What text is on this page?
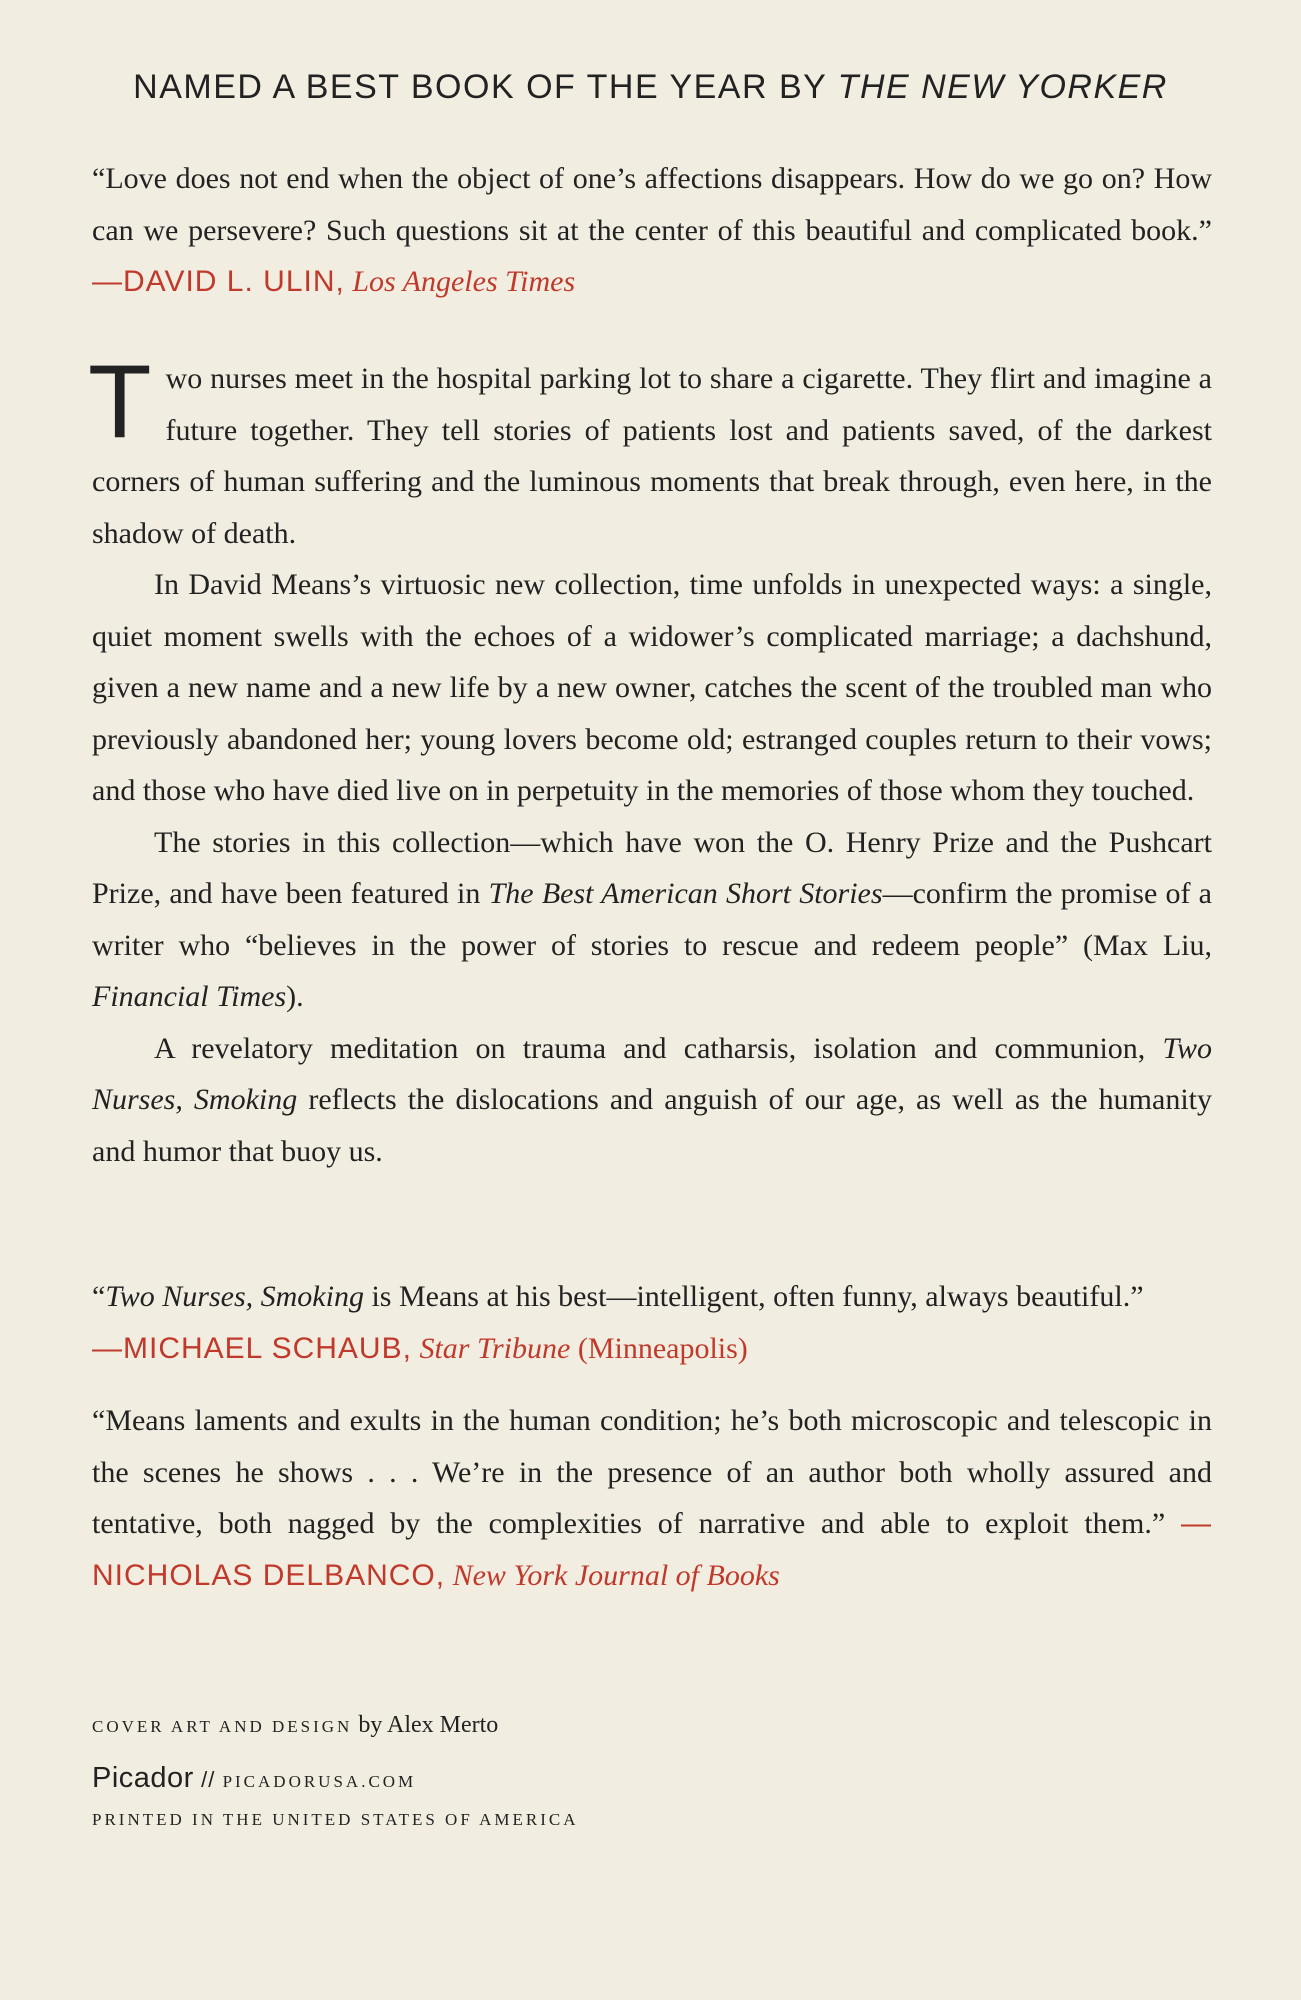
NAMED A BEST BOOK OF THE YEAR BY THE NEW YORKER

“Love does not end when the object of one’s affections disappears. How do we go on? How can we persevere? Such questions sit at the center of this beautiful and complicated book.” —DAVID L. ULIN, Los Angeles Times

Two nurses meet in the hospital parking lot to share a cigarette. They flirt and imagine a future together. They tell stories of patients lost and patients saved, of the darkest corners of human suffering and the luminous moments that break through, even here, in the shadow of death.

In David Means’s virtuosic new collection, time unfolds in unexpected ways: a single, quiet moment swells with the echoes of a widower’s complicated marriage; a dachshund, given a new name and a new life by a new owner, catches the scent of the troubled man who previously abandoned her; young lovers become old; estranged couples return to their vows; and those who have died live on in perpetuity in the memories of those whom they touched.

The stories in this collection—which have won the O. Henry Prize and the Pushcart Prize, and have been featured in The Best American Short Stories—confirm the promise of a writer who “believes in the power of stories to rescue and redeem people” (Max Liu, Financial Times).

A revelatory meditation on trauma and catharsis, isolation and communion, Two Nurses, Smoking reflects the dislocations and anguish of our age, as well as the humanity and humor that buoy us.

“Two Nurses, Smoking is Means at his best—intelligent, often funny, always beautiful.”
—MICHAEL SCHAUB, Star Tribune (Minneapolis)

“Means laments and exults in the human condition; he’s both microscopic and telescopic in the scenes he shows . . . We’re in the presence of an author both wholly assured and tentative, both nagged by the complexities of narrative and able to exploit them.” —NICHOLAS DELBANCO, New York Journal of Books

COVER ART AND DESIGN by Alex Merto
Picador // PICADORUSA.COM
PRINTED IN THE UNITED STATES OF AMERICA
